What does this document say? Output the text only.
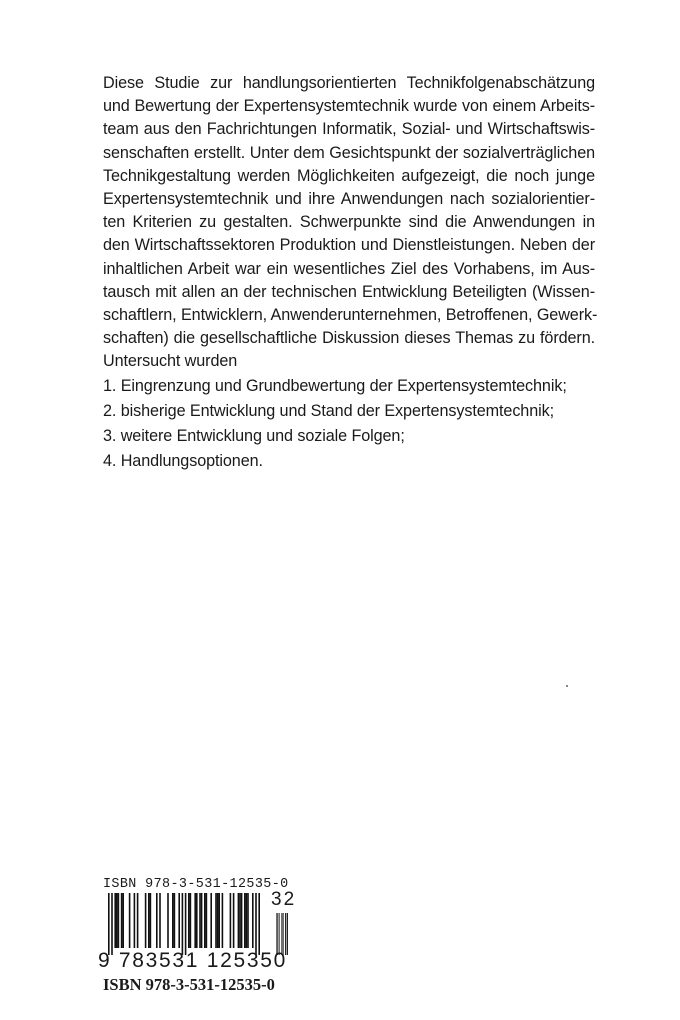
Diese Studie zur handlungsorientierten Technikfolgenabschätzung
und Bewertung der Expertensystemtechnik wurde von einem Arbeits-
team aus den Fachrichtungen Informatik, Sozial- und Wirtschaftswis-
senschaften erstellt. Unter dem Gesichtspunkt der sozialverträglichen
Technikgestaltung werden Möglichkeiten aufgezeigt, die noch junge
Expertensystemtechnik und ihre Anwendungen nach sozialorientier-
ten Kriterien zu gestalten. Schwerpunkte sind die Anwendungen in
den Wirtschaftssektoren Produktion und Dienstleistungen. Neben der
inhaltlichen Arbeit war ein wesentliches Ziel des Vorhabens, im Aus-
tausch mit allen an der technischen Entwicklung Beteiligten (Wissen-
schaftlern, Entwicklern, Anwenderunternehmen, Betroffenen, Gewerk-
schaften) die gesellschaftliche Diskussion dieses Themas zu fördern.
Untersucht wurden
1. Eingrenzung und Grundbewertung der Expertensystemtechnik;
2. bisherige Entwicklung und Stand der Expertensystemtechnik;
3. weitere Entwicklung und soziale Folgen;
4. Handlungsoptionen.
ISBN 978-3-531-12535-0
9 783531 125350
32
ISBN 978-3-531-12535-0
